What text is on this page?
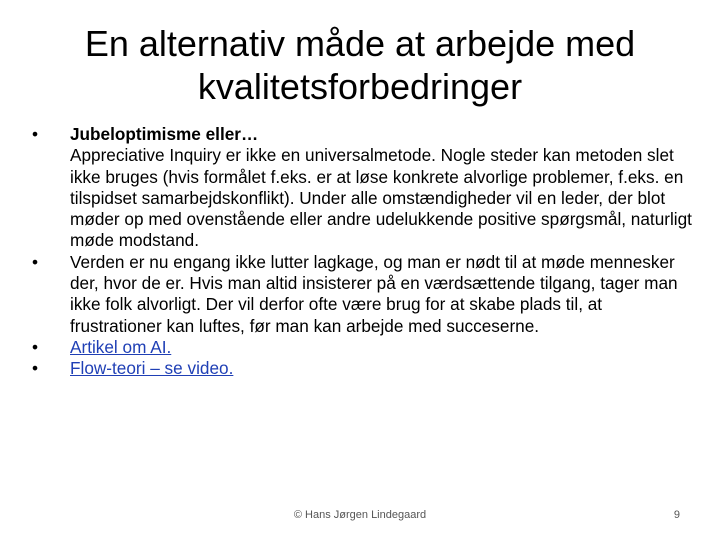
En alternativ måde at arbejde med
kvalitetsforbedringer
• Jubeloptimisme eller…
Appreciative Inquiry er ikke en universalmetode. Nogle steder kan metoden slet ikke bruges (hvis formålet f.eks. er at løse konkrete alvorlige problemer, f.eks. en tilspidset samarbejdskonflikt). Under alle omstændigheder vil en leder, der blot møder op med ovenstående eller andre udelukkende positive spørgsmål, naturligt møde modstand.
• Verden er nu engang ikke lutter lagkage, og man er nødt til at møde mennesker der, hvor de er. Hvis man altid insisterer på en værdsættende tilgang, tager man ikke folk alvorligt. Der vil derfor ofte være brug for at skabe plads til, at frustrationer kan luftes, før man kan arbejde med succeserne.
• Artikel om AI.
• Flow-teori – se video.
© Hans Jørgen Lindegaard	9
